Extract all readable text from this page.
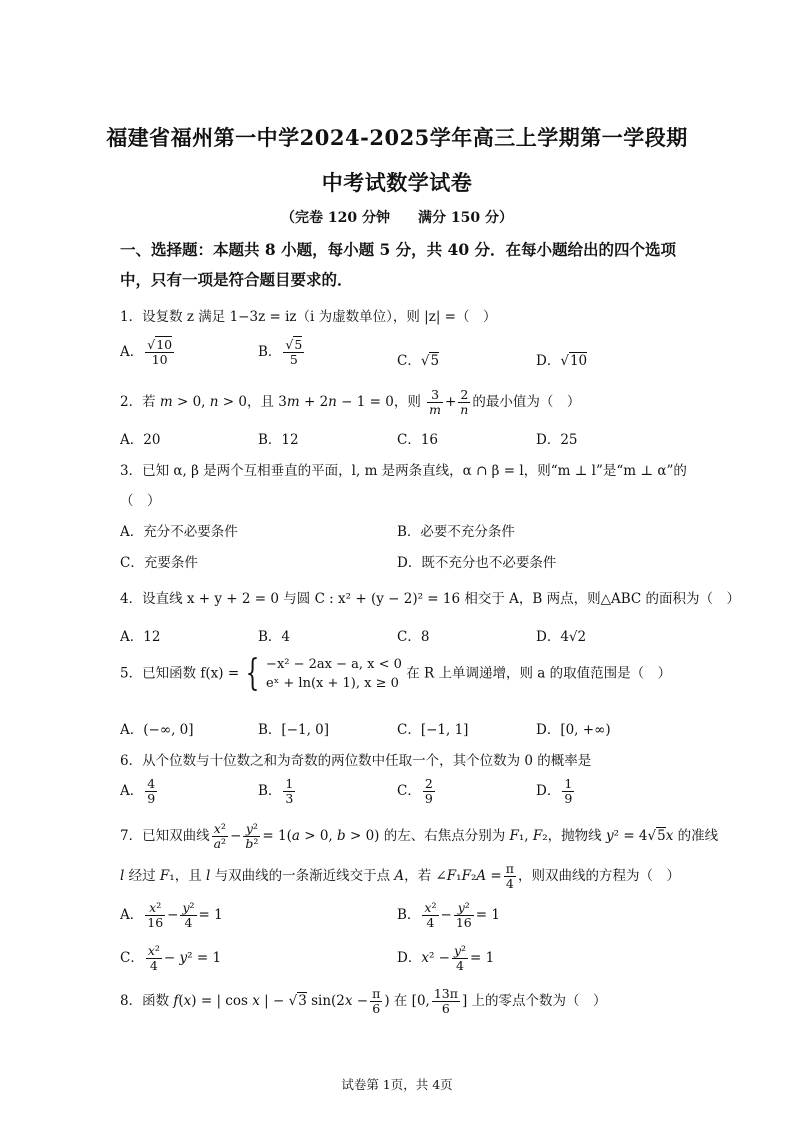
福建省福州第一中学2024-2025学年高三上学期第一学段期
中考试数学试卷
（完卷 120 分钟　　满分 150 分）
一、选择题：本题共 8 小题，每小题 5 分，共 40 分．在每小题给出的四个选项
中，只有一项是符合题目要求的．
1．设复数 z 满足 1−3z = iz（i 为虚数单位），则 |z| =（　）
A． $\frac{√10}{10}$	B． $\frac{√5}{5}$	C．√5	D．√10
2．若 m > 0, n > 0，且 3m + 2n − 1 = 0，则 $\frac{3}{m} + \frac{2}{n}$ 的最小值为（　）
A．20	B．12	C．16	D．25
3．已知 α, β 是两个互相垂直的平面，l, m 是两条直线，α ∩ β = l，则“m ⊥ l”是“m ⊥ α”的
（　）
A．充分不必要条件	B．必要不充分条件
C．充要条件	D．既不充分也不必要条件
4．设直线 x + y + 2 = 0 与圆 C : x² + (y − 2)² = 16 相交于 A，B 两点，则△ABC 的面积为（　）
A．12	B．4	C．8	D．4√2
5．已知函数 f(x) = { −x² − 2ax − a, x < 0
eˣ + ln(x + 1), x ≥ 0
在 R 上单调递增，则 a 的取值范围是（　）
A．(−∞, 0]	B．[−1, 0]	C．[−1, 1]	D．[0, +∞)
6．从个位数与十位数之和为奇数的两位数中任取一个，其个位数为 0 的概率是
A． $\frac{4}{9}$	B． $\frac{1}{3}$	C． $\frac{2}{9}$	D． $\frac{1}{9}$
7．已知双曲线 $\frac{\text{x²}}{\text{a²}} - \frac{\text{y²}}{\text{b²}} = 1(a > 0$, b > 0) 的左、右焦点分别为 F₁, F₂，抛物线 y² = 4√5x 的准线
l 经过 F₁，且 l 与双曲线的一条渐近线交于点 A，若 ∠F₁F₂A = $\frac{\pi}{4}$ ，则双曲线的方程为（　）
A． $\frac{\text{x²}}{16} - \frac{\text{y²}}{4} = 1$	B． $\frac{\text{x²}}{4} - \frac{\text{y²}}{16} = 1$
C． $\frac{\text{x²}}{4} - y^2 = 1$	D．$x^2 - \frac{\text{y²}}{4} = 1$
8．函数 f(x) = | cos x | − √3 $\sin(2x - \frac{\pi}{6}$ ) 在 [0, $\frac{13\pi}{6}$ ] 上的零点个数为（　）
试卷第 1页，共 4页
